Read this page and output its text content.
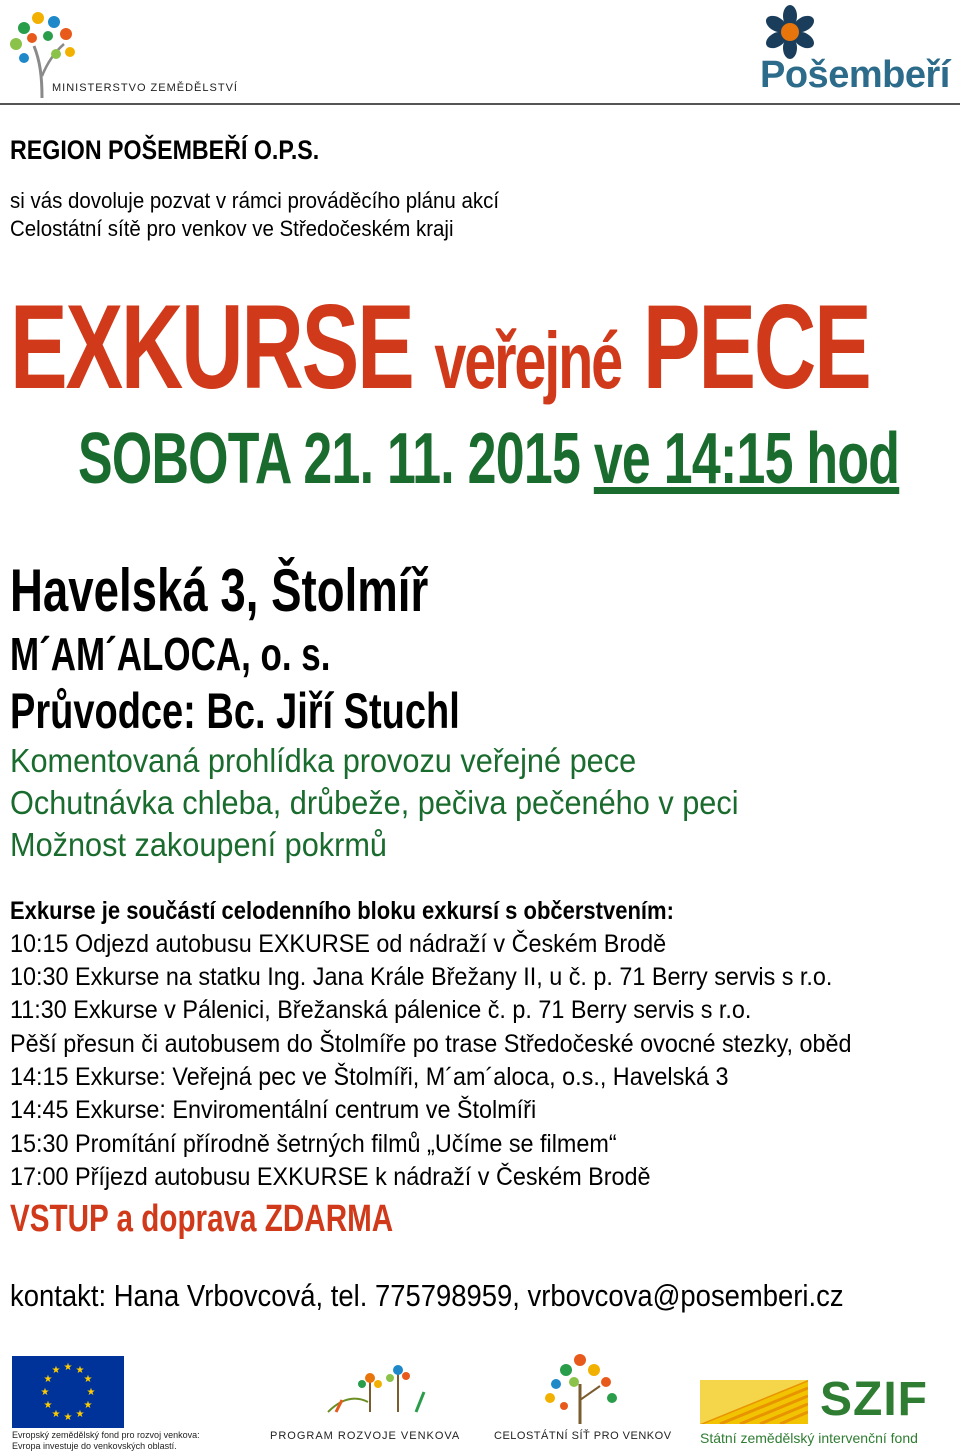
MINISTERSTVO ZEMĚDĚLSTVÍ	Pošembeří
REGION POŠEMBEŘÍ O.P.S.
si vás dovoluje pozvat v rámci prováděcího plánu akcí
Celostátní sítě pro venkov ve Středočeském kraji
EXKURSE veřejné PECE
SOBOTA 21. 11. 2015 ve 14:15 hod
Havelská 3, Štolmíř
M´AM´ALOCA, o. s.
Průvodce: Bc. Jiří Stuchl
Komentovaná prohlídka provozu veřejné pece
Ochutnávka chleba, drůbeže, pečiva pečeného v peci
Možnost zakoupení pokrmů
Exkurse je součástí celodenního bloku exkursí s občerstvením:
10:15 Odjezd autobusu EXKURSE od nádraží v Českém Brodě
10:30 Exkurse na statku Ing. Jana Krále Břežany II, u č. p. 71 Berry servis s r.o.
11:30 Exkurse v Pálenici, Břežanská pálenice č. p. 71 Berry servis s r.o.
Pěší přesun či autobusem do Štolmíře po trase Středočeské ovocné stezky, oběd
14:15 Exkurse: Veřejná pec ve Štolmíři, M´am´aloca, o.s., Havelská 3
14:45 Exkurse: Enviromentální centrum ve Štolmíři
15:30 Promítání přírodně šetrných filmů „Učíme se filmem“
17:00 Příjezd autobusu EXKURSE k nádraží v Českém Brodě
VSTUP a doprava ZDARMA
kontakt: Hana Vrbovcová, tel. 775798959, vrbovcova@posemberi.cz
★ ★
★
★
★
★
★
★
★
★
★
★
Evropský zemědělský fond pro rozvoj venkova:
Evropa investuje do venkovských oblastí.
PROGRAM ROZVOJE VENKOVA	CELOSTÁTNÍ SÍŤ PRO VENKOV
SZIF
Státní zemědělský intervenční fond
